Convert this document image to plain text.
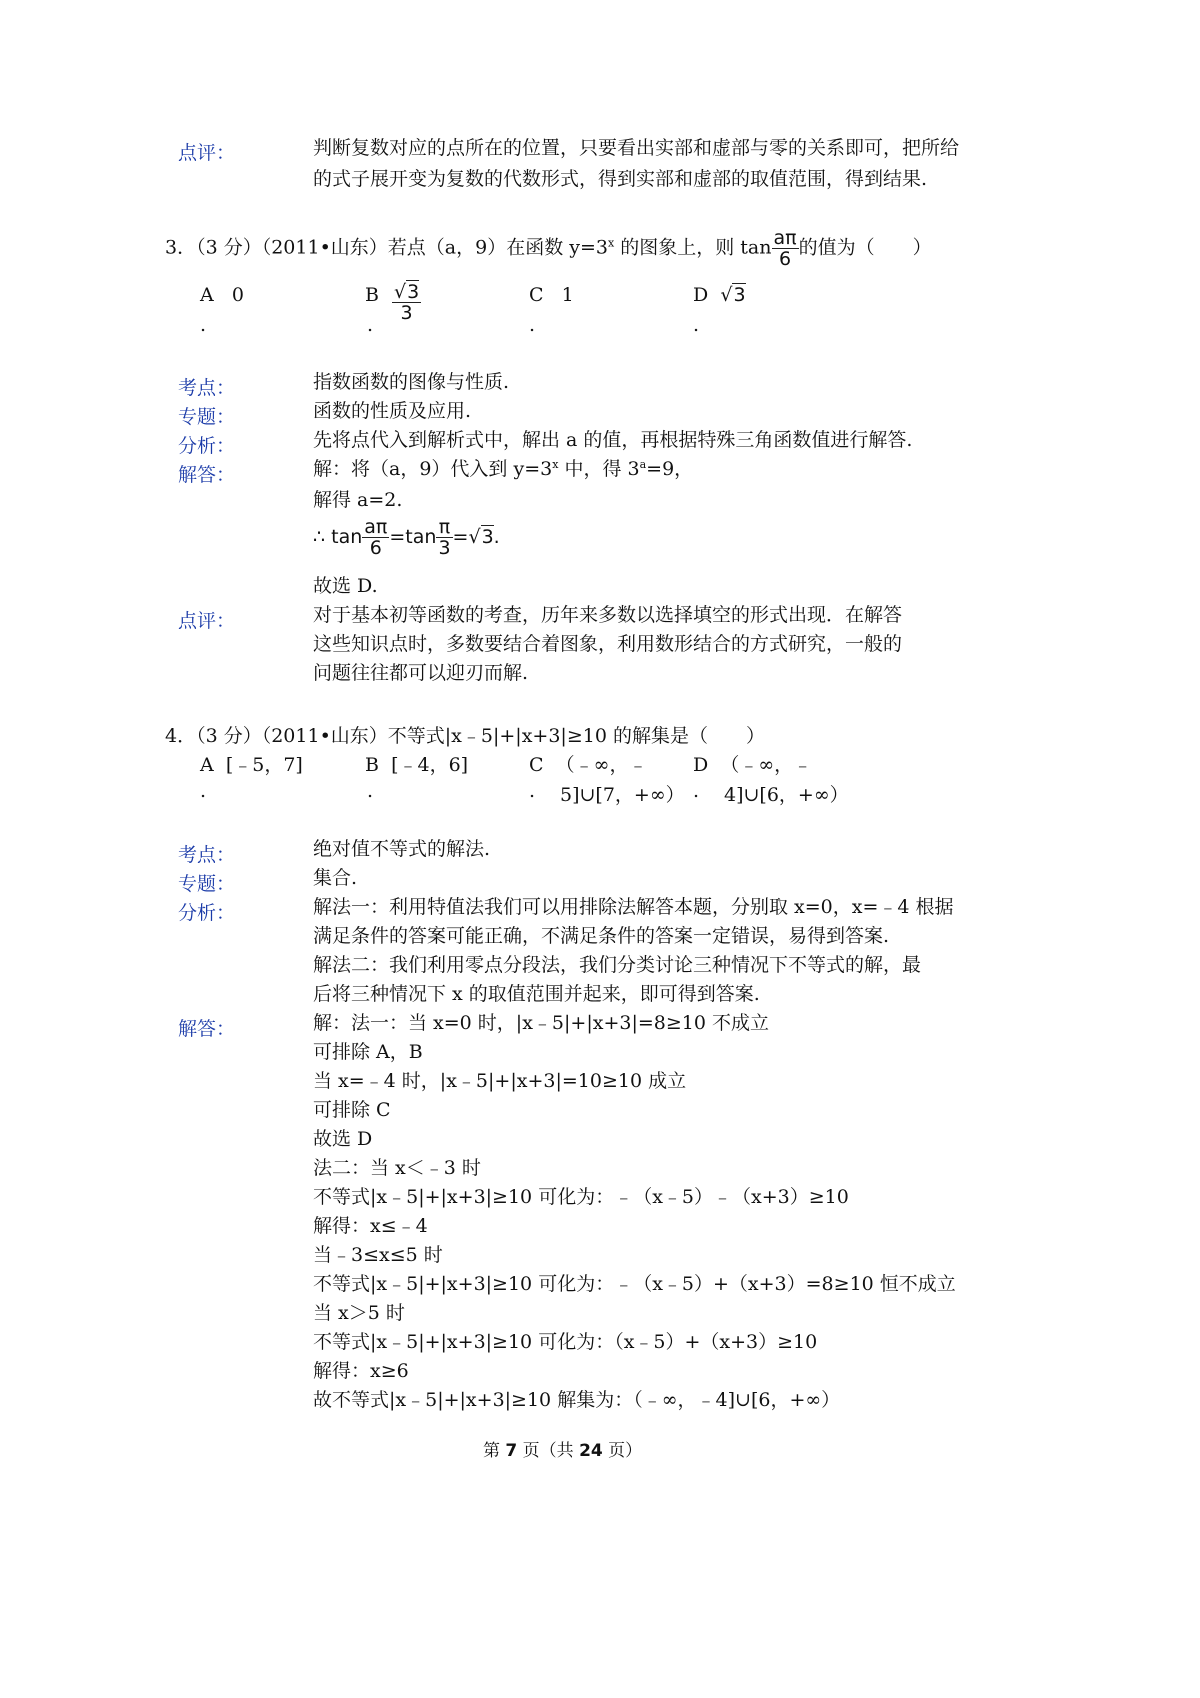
点评：	判断复数对应的点所在的位置，只要看出实部和虚部与零的关系即可，把所给
的式子展开变为复数的代数形式，得到实部和虚部的取值范围，得到结果.
3．（3 分）（2011•山东）若点（a，9）在函数 $y=3^x$ 的图象上，则 $\tan \frac{a\pi}{6}$ 的值为（　　）
A 0
.
B $\frac{√3}{3}$
.
C 1
.
D √3
.
考点：	指数函数的图像与性质.
专题：	函数的性质及应用.
分析：	先将点代入到解析式中，解出 a 的值，再根据特殊三角函数值进行解答.
解答：	解：将（a，9）代入到 $y=3^x$ 中，得 $3^a=9$，
解得 a=2.
∴ $\tan \frac{a\pi}{6} =\tan \frac{\pi}{3} =√3$.
故选 D.
点评：	对于基本初等函数的考查，历年来多数以选择填空的形式出现．在解答
这些知识点时，多数要结合着图象，利用数形结合的方式研究，一般的
问题往往都可以迎刃而解.
4．（3 分）（2011•山东）不等式|x﹣5|+|x+3|≥10 的解集是（　　）
A [﹣5，7]
.
B [﹣4，6]
.
C （﹣∞，﹣
. 5]∪[7，+∞）
D （﹣∞，﹣
. 4]∪[6，+∞）
考点：	绝对值不等式的解法.
专题：	集合.
分析：	解法一：利用特值法我们可以用排除法解答本题，分别取 x=0，x=﹣4 根据
满足条件的答案可能正确，不满足条件的答案一定错误，易得到答案.
解法二：我们利用零点分段法，我们分类讨论三种情况下不等式的解，最
后将三种情况下 x 的取值范围并起来，即可得到答案.
解答：	解：法一：当 x=0 时，|x﹣5|+|x+3|=8≥10 不成立
可排除 A，B
当 x=﹣4 时，|x﹣5|+|x+3|=10≥10 成立
可排除 C
故选 D
法二：当 x＜﹣3 时
不等式|x﹣5|+|x+3|≥10 可化为：﹣（x﹣5）﹣（x+3）≥10
解得：x≤﹣4
当﹣3≤x≤5 时
不等式|x﹣5|+|x+3|≥10 可化为：﹣（x﹣5）+（x+3）=8≥10 恒不成立
当 x＞5 时
不等式|x﹣5|+|x+3|≥10 可化为：（x﹣5）+（x+3）≥10
解得：x≥6
故不等式|x﹣5|+|x+3|≥10 解集为：（﹣∞，﹣4]∪[6，+∞）
第 7 页（共 24 页）
